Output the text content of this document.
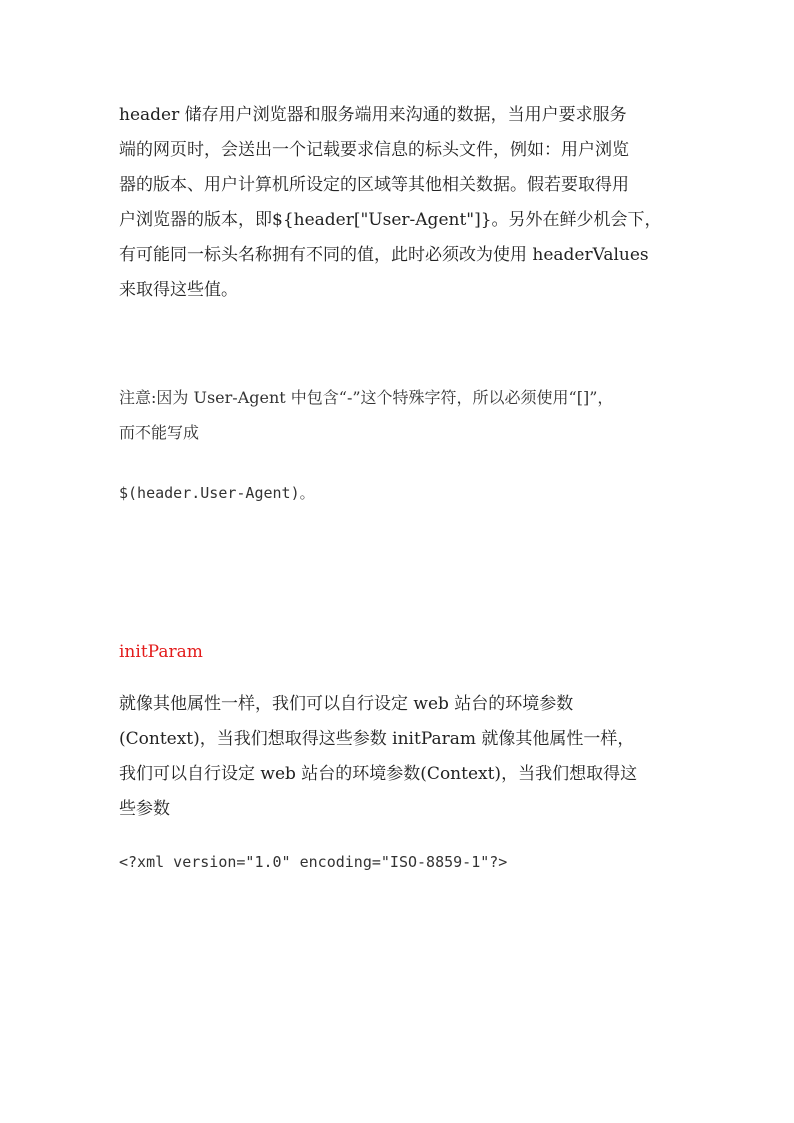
header 储存用户浏览器和服务端用来沟通的数据，当用户要求服务

端的网页时，会送出一个记载要求信息的标头文件，例如：用户浏览

器的版本、用户计算机所设定的区域等其他相关数据。假若要取得用

户浏览器的版本，即${header["User-Agent"]}。另外在鲜少机会下，

有可能同一标头名称拥有不同的值，此时必须改为使用 headerValues

来取得这些值。

注意:因为 User-Agent 中包含“-”这个特殊字符，所以必须使用“[]”，

而不能写成

$(header.User-Agent)。

initParam

就像其他属性一样，我们可以自行设定 web 站台的环境参数

(Context)，当我们想取得这些参数 initParam 就像其他属性一样，

我们可以自行设定 web 站台的环境参数(Context)，当我们想取得这

些参数

<?xml version="1.0" encoding="ISO-8859-1"?>
